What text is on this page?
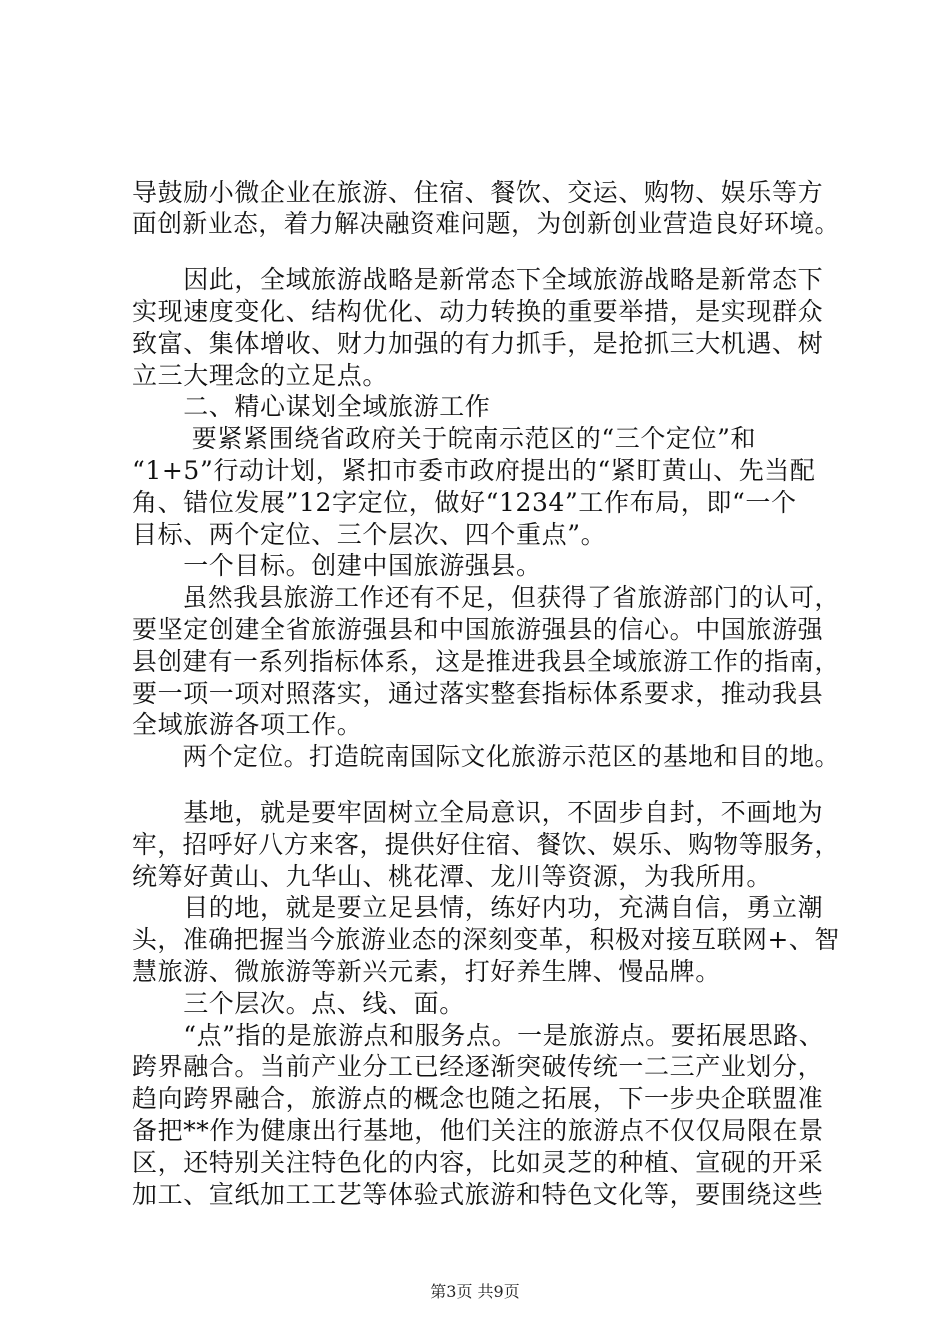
导鼓励小微企业在旅游、住宿、餐饮、交运、购物、娱乐等方
面创新业态，着力解决融资难问题，为创新创业营造良好环境。
　　因此，全域旅游战略是新常态下全域旅游战略是新常态下
实现速度变化、结构优化、动力转换的重要举措，是实现群众
致富、集体增收、财力加强的有力抓手，是抢抓三大机遇、树
立三大理念的立足点。
　　二、精心谋划全域旅游工作
　　 要紧紧围绕省政府关于皖南示范区的“三个定位”和
“1+5”行动计划，紧扣市委市政府提出的“紧盯黄山、先当配
角、错位发展”12字定位，做好“1234”工作布局，即“一个
目标、两个定位、三个层次、四个重点”。
　　一个目标。创建中国旅游强县。
　　虽然我县旅游工作还有不足，但获得了省旅游部门的认可，
要坚定创建全省旅游强县和中国旅游强县的信心。中国旅游强
县创建有一系列指标体系，这是推进我县全域旅游工作的指南，
要一项一项对照落实，通过落实整套指标体系要求，推动我县
全域旅游各项工作。
　　两个定位。打造皖南国际文化旅游示范区的基地和目的地。
　　基地，就是要牢固树立全局意识，不固步自封，不画地为
牢，招呼好八方来客，提供好住宿、餐饮、娱乐、购物等服务，
统筹好黄山、九华山、桃花潭、龙川等资源，为我所用。
　　目的地，就是要立足县情，练好内功，充满自信，勇立潮
头，准确把握当今旅游业态的深刻变革，积极对接互联网+、智
慧旅游、微旅游等新兴元素，打好养生牌、慢品牌。
　　三个层次。点、线、面。
　　“点”指的是旅游点和服务点。一是旅游点。要拓展思路、
跨界融合。当前产业分工已经逐渐突破传统一二三产业划分，
趋向跨界融合，旅游点的概念也随之拓展，下一步央企联盟准
备把**作为健康出行基地，他们关注的旅游点不仅仅局限在景
区，还特别关注特色化的内容，比如灵芝的种植、宣砚的开采
加工、宣纸加工工艺等体验式旅游和特色文化等，要围绕这些
第3页 共9页
